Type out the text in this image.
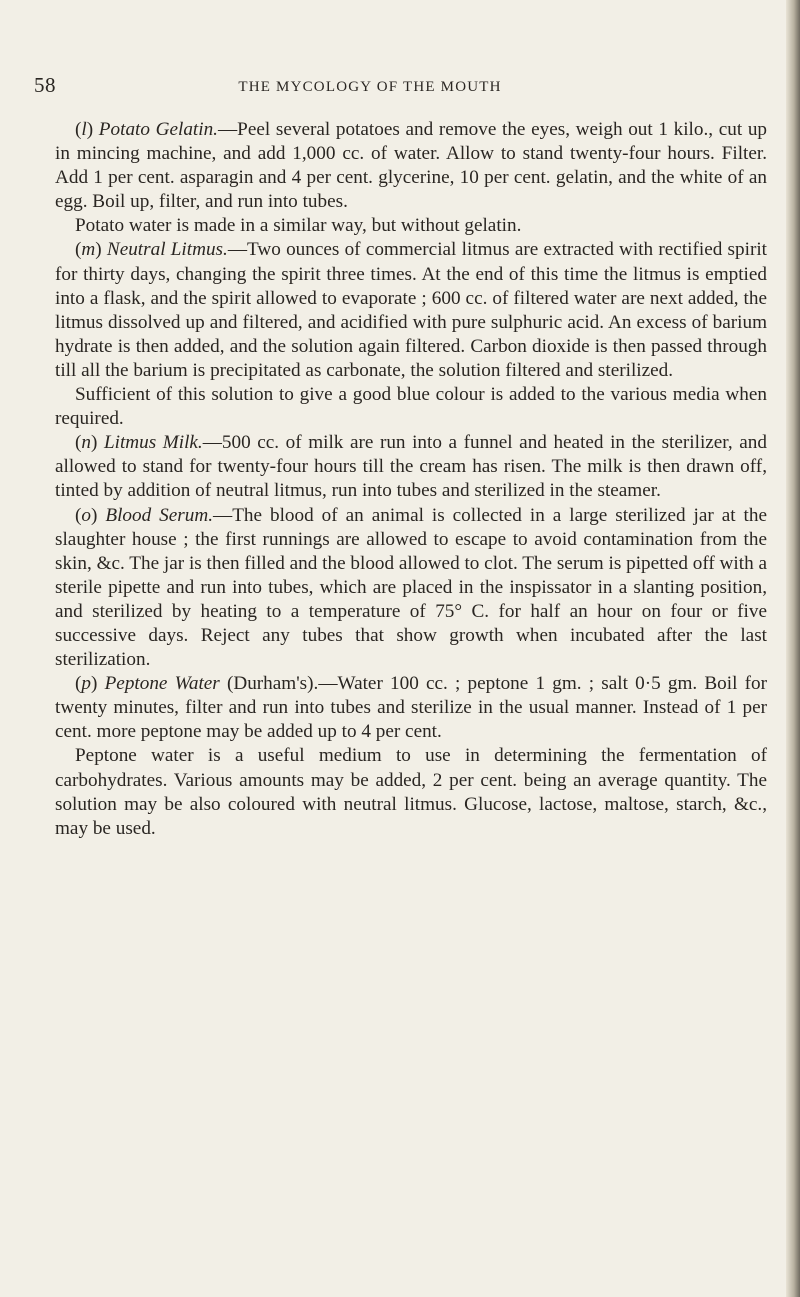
58	THE MYCOLOGY OF THE MOUTH

(l) Potato Gelatin.—Peel several potatoes and remove the eyes, weigh out 1 kilo., cut up in mincing machine, and add 1,000 cc. of water. Allow to stand twenty-four hours. Filter. Add 1 per cent. asparagin and 4 per cent. glycerine, 10 per cent. gelatin, and the white of an egg. Boil up, filter, and run into tubes.

Potato water is made in a similar way, but without gelatin.

(m) Neutral Litmus.—Two ounces of commercial litmus are extracted with rectified spirit for thirty days, changing the spirit three times. At the end of this time the litmus is emptied into a flask, and the spirit allowed to evaporate ; 600 cc. of filtered water are next added, the litmus dissolved up and filtered, and acidified with pure sulphuric acid. An excess of barium hydrate is then added, and the solution again filtered. Carbon dioxide is then passed through till all the barium is precipitated as carbonate, the solution filtered and sterilized.

Sufficient of this solution to give a good blue colour is added to the various media when required.

(n) Litmus Milk.—500 cc. of milk are run into a funnel and heated in the sterilizer, and allowed to stand for twenty-four hours till the cream has risen. The milk is then drawn off, tinted by addition of neutral litmus, run into tubes and sterilized in the steamer.

(o) Blood Serum.—The blood of an animal is collected in a large sterilized jar at the slaughter house ; the first runnings are allowed to escape to avoid contamination from the skin, &c. The jar is then filled and the blood allowed to clot. The serum is pipetted off with a sterile pipette and run into tubes, which are placed in the inspissator in a slanting position, and sterilized by heating to a temperature of 75° C. for half an hour on four or five successive days. Reject any tubes that show growth when incubated after the last sterilization.

(p) Peptone Water (Durham's).—Water 100 cc. ; peptone 1 gm. ; salt 0·5 gm. Boil for twenty minutes, filter and run into tubes and sterilize in the usual manner. Instead of 1 per cent. more peptone may be added up to 4 per cent.

Peptone water is a useful medium to use in determining the fermentation of carbohydrates. Various amounts may be added, 2 per cent. being an average quantity. The solution may be also coloured with neutral litmus. Glucose, lactose, maltose, starch, &c., may be used.
